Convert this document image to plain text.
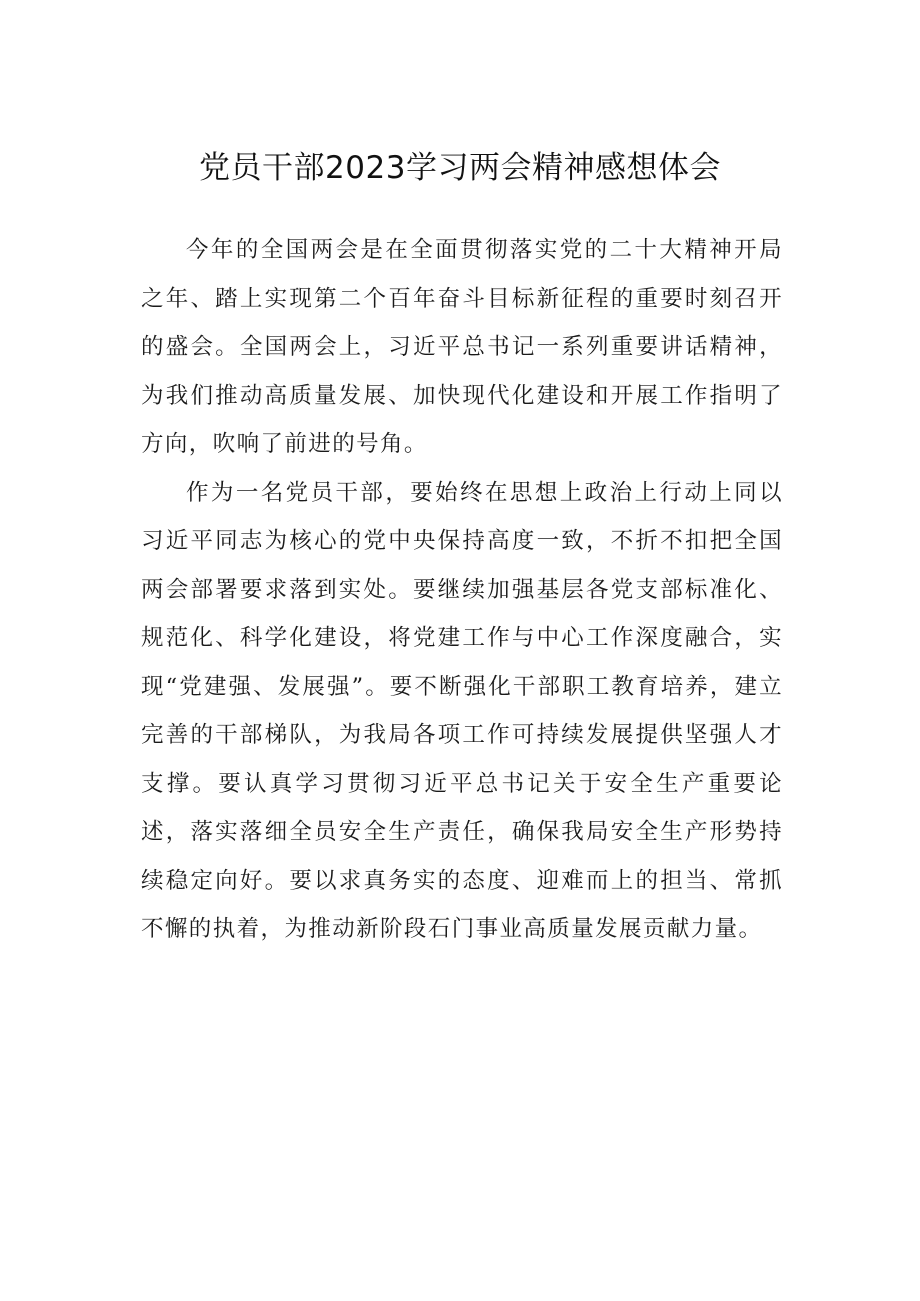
党员干部2023学习两会精神感想体会

今年的全国两会是在全面贯彻落实党的二十大精神开局之年、踏上实现第二个百年奋斗目标新征程的重要时刻召开的盛会。全国两会上，习近平总书记一系列重要讲话精神，为我们推动高质量发展、加快现代化建设和开展工作指明了方向，吹响了前进的号角。

作为一名党员干部，要始终在思想上政治上行动上同以习近平同志为核心的党中央保持高度一致，不折不扣把全国两会部署要求落到实处。要继续加强基层各党支部标准化、规范化、科学化建设，将党建工作与中心工作深度融合，实现“党建强、发展强”。要不断强化干部职工教育培养，建立完善的干部梯队，为我局各项工作可持续发展提供坚强人才支撑。要认真学习贯彻习近平总书记关于安全生产重要论述，落实落细全员安全生产责任，确保我局安全生产形势持续稳定向好。要以求真务实的态度、迎难而上的担当、常抓不懈的执着，为推动新阶段石门事业高质量发展贡献力量。
